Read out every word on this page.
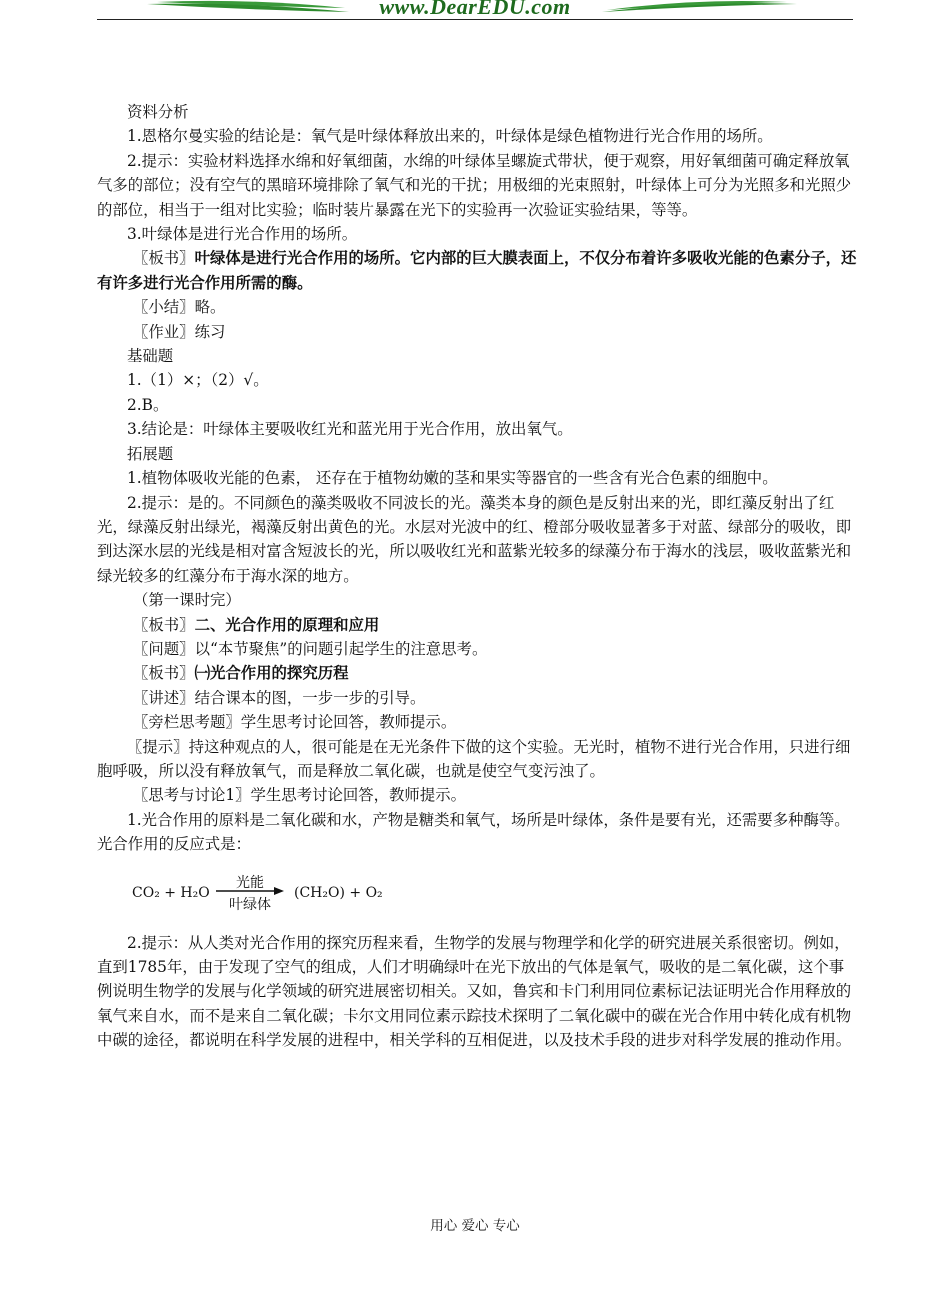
www.DearEDU.com

资料分析

1.恩格尔曼实验的结论是：氧气是叶绿体释放出来的，叶绿体是绿色植物进行光合作用的场所。

2.提示：实验材料选择水绵和好氧细菌，水绵的叶绿体呈螺旋式带状，便于观察，用好氧细菌可确定释放氧气多的部位；没有空气的黑暗环境排除了氧气和光的干扰；用极细的光束照射，叶绿体上可分为光照多和光照少的部位，相当于一组对比实验；临时装片暴露在光下的实验再一次验证实验结果，等等。

3.叶绿体是进行光合作用的场所。

〖板书〗叶绿体是进行光合作用的场所。它内部的巨大膜表面上，不仅分布着许多吸收光能的色素分子，还有许多进行光合作用所需的酶。

〖小结〗略。

〖作业〗练习

基础题

1.（1）×；（2）√。

2.B。

3.结论是：叶绿体主要吸收红光和蓝光用于光合作用，放出氧气。

拓展题

1.植物体吸收光能的色素， 还存在于植物幼嫩的茎和果实等器官的一些含有光合色素的细胞中。

2.提示：是的。不同颜色的藻类吸收不同波长的光。藻类本身的颜色是反射出来的光，即红藻反射出了红光，绿藻反射出绿光，褐藻反射出黄色的光。水层对光波中的红、橙部分吸收显著多于对蓝、绿部分的吸收，即到达深水层的光线是相对富含短波长的光，所以吸收红光和蓝紫光较多的绿藻分布于海水的浅层，吸收蓝紫光和绿光较多的红藻分布于海水深的地方。

（第一课时完）

〖板书〗二、光合作用的原理和应用

〖问题〗以“本节聚焦”的问题引起学生的注意思考。

〖板书〗㈠光合作用的探究历程

〖讲述〗结合课本的图，一步一步的引导。

〖旁栏思考题〗学生思考讨论回答，教师提示。

〖提示〗持这种观点的人，很可能是在无光条件下做的这个实验。无光时，植物不进行光合作用，只进行细胞呼吸，所以没有释放氧气，而是释放二氧化碳，也就是使空气变污浊了。

〖思考与讨论1〗学生思考讨论回答，教师提示。

1.光合作用的原料是二氧化碳和水，产物是糖类和氧气，场所是叶绿体，条件是要有光，还需要多种酶等。光合作用的反应式是：

CO₂ + H₂O
光能
叶绿体
(CH₂O) + O₂

2.提示：从人类对光合作用的探究历程来看，生物学的发展与物理学和化学的研究进展关系很密切。例如，直到1785年，由于发现了空气的组成，人们才明确绿叶在光下放出的气体是氧气，吸收的是二氧化碳，这个事例说明生物学的发展与化学领域的研究进展密切相关。又如，鲁宾和卡门利用同位素标记法证明光合作用释放的氧气来自水，而不是来自二氧化碳；卡尔文用同位素示踪技术探明了二氧化碳中的碳在光合作用中转化成有机物中碳的途径，都说明在科学发展的进程中，相关学科的互相促进，以及技术手段的进步对科学发展的推动作用。

用心 爱心 专心
